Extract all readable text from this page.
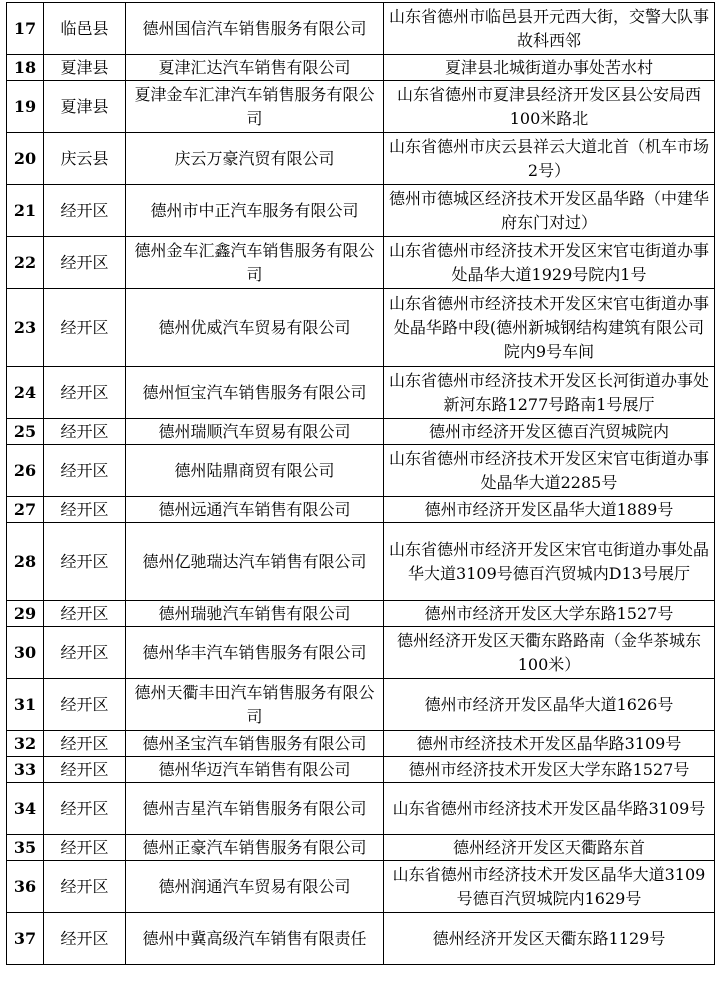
17	临邑县	德州国信汽车销售服务有限公司	山东省德州市临邑县开元西大街，交警大队事故科西邻
18	夏津县	夏津汇达汽车销售有限公司	夏津县北城街道办事处苦水村
19	夏津县	夏津金车汇津汽车销售服务有限公司	山东省德州市夏津县经济开发区县公安局西100米路北
20	庆云县	庆云万豪汽贸有限公司	山东省德州市庆云县祥云大道北首（机车市场2号）
21	经开区	德州市中正汽车服务有限公司	德州市德城区经济技术开发区晶华路（中建华府东门对过）
22	经开区	德州金车汇鑫汽车销售服务有限公司	山东省德州市经济技术开发区宋官屯街道办事处晶华大道1929号院内1号
23	经开区	德州优威汽车贸易有限公司	山东省德州市经济技术开发区宋官屯街道办事处晶华路中段(德州新城钢结构建筑有限公司院内9号车间
24	经开区	德州恒宝汽车销售服务有限公司	山东省德州市经济技术开发区长河街道办事处新河东路1277号路南1号展厅
25	经开区	德州瑞顺汽车贸易有限公司	德州市经济开发区德百汽贸城院内
26	经开区	德州陆鼎商贸有限公司	山东省德州市经济技术开发区宋官屯街道办事处晶华大道2285号
27	经开区	德州远通汽车销售有限公司	德州市经济开发区晶华大道1889号
28	经开区	德州亿驰瑞达汽车销售有限公司	山东省德州市经济开发区宋官屯街道办事处晶华大道3109号德百汽贸城内D13号展厅
29	经开区	德州瑞驰汽车销售有限公司	德州市经济开发区大学东路1527号
30	经开区	德州华丰汽车销售服务有限公司	德州经济开发区天衢东路路南（金华茶城东100米）
31	经开区	德州天衢丰田汽车销售服务有限公司	德州市经济开发区晶华大道1626号
32	经开区	德州圣宝汽车销售服务有限公司	德州市经济技术开发区晶华路3109号
33	经开区	德州华迈汽车销售有限公司	德州市经济技术开发区大学东路1527号
34	经开区	德州吉星汽车销售服务有限公司	山东省德州市经济技术开发区晶华路3109号
35	经开区	德州正豪汽车销售服务有限公司	德州经济开发区天衢路东首
36	经开区	德州润通汽车贸易有限公司	山东省德州市经济技术开发区晶华大道3109号德百汽贸城院内1629号
37	经开区	德州中冀高级汽车销售有限责任	德州经济开发区天衢东路1129号
